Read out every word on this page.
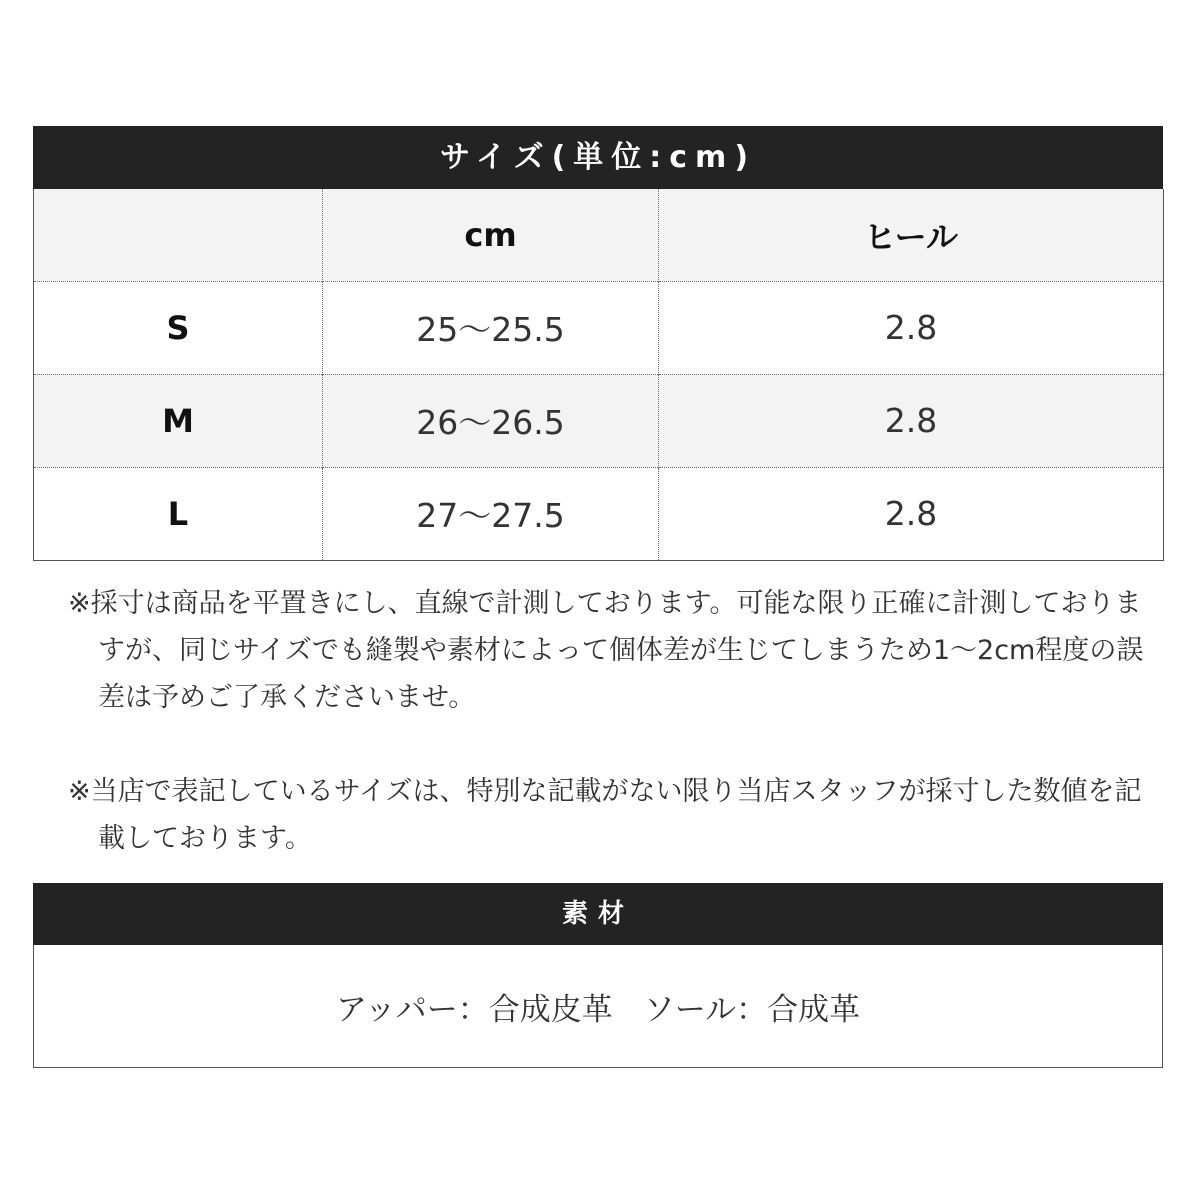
サイズ(単位:cm)
	cm	ヒール
S	25〜25.5	2.8
M	26〜26.5	2.8
L	27〜27.5	2.8

※採寸は商品を平置きにし、直線で計測しております。可能な限り正確に計測しておりますが、同じサイズでも縫製や素材によって個体差が生じてしまうため1〜2cm程度の誤差は予めご了承くださいませ。

※当店で表記しているサイズは、特別な記載がない限り当店スタッフが採寸した数値を記載しております。

素材
アッパー：合成皮革　ソール：合成革
